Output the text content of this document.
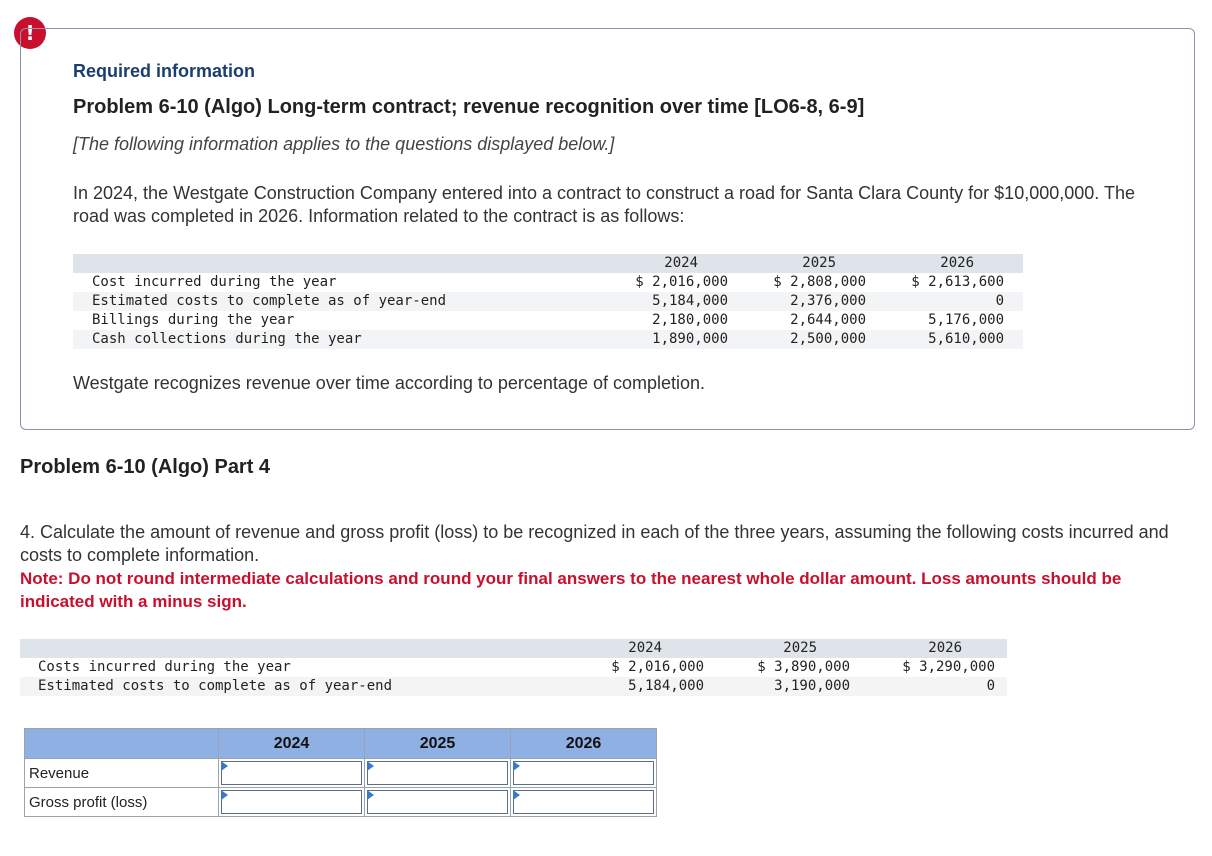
!
Required information
Problem 6-10 (Algo) Long-term contract; revenue recognition over time [LO6-8, 6-9]
[The following information applies to the questions displayed below.]
In 2024, the Westgate Construction Company entered into a contract to construct a road for Santa Clara County for $10,000,000. The road was completed in 2026. Information related to the contract is as follows:
2024	2025	2026
Cost incurred during the year	$ 2,016,000	$ 2,808,000	$ 2,613,600
Estimated costs to complete as of year-end	5,184,000	2,376,000	0
Billings during the year	2,180,000	2,644,000	5,176,000
Cash collections during the year	1,890,000	2,500,000	5,610,000
Westgate recognizes revenue over time according to percentage of completion.
Problem 6-10 (Algo) Part 4
4. Calculate the amount of revenue and gross profit (loss) to be recognized in each of the three years, assuming the following costs incurred and costs to complete information.
Note: Do not round intermediate calculations and round your final answers to the nearest whole dollar amount. Loss amounts should be indicated with a minus sign.
2024	2025	2026
Costs incurred during the year	$ 2,016,000	$ 3,890,000	$ 3,290,000
Estimated costs to complete as of year-end	5,184,000	3,190,000	0
	2024	2025	2026
Revenue	

Gross profit (loss)	
